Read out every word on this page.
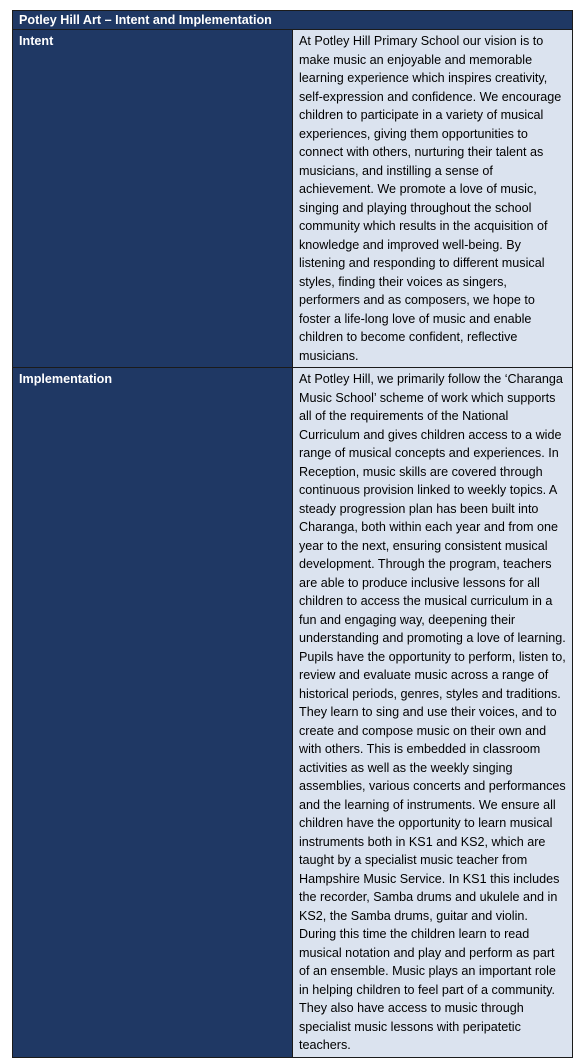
Potley Hill Art – Intent and Implementation	
Intent	At Potley Hill Primary School our vision is to make music an enjoyable and memorable learning experience which inspires creativity, self-expression and confidence. We encourage children to participate in a variety of musical experiences, giving them opportunities to connect with others, nurturing their talent as musicians, and instilling a sense of achievement. We promote a love of music, singing and playing throughout the school community which results in the acquisition of knowledge and improved well-being. By listening and responding to different musical styles, finding their voices as singers, performers and as composers, we hope to foster a life-long love of music and enable children to become confident, reflective musicians.
Implementation	At Potley Hill, we primarily follow the ‘Charanga Music School’ scheme of work which supports all of the requirements of the National Curriculum and gives children access to a wide range of musical concepts and experiences. In Reception, music skills are covered through continuous provision linked to weekly topics. A steady progression plan has been built into Charanga, both within each year and from one year to the next, ensuring consistent musical development. Through the program, teachers are able to produce inclusive lessons for all children to access the musical curriculum in a fun and engaging way, deepening their understanding and promoting a love of learning. Pupils have the opportunity to perform, listen to, review and evaluate music across a range of historical periods, genres, styles and traditions. They learn to sing and use their voices, and to create and compose music on their own and with others. This is embedded in classroom activities as well as the weekly singing assemblies, various concerts and performances and the learning of instruments. We ensure all children have the opportunity to learn musical instruments both in KS1 and KS2, which are taught by a specialist music teacher from Hampshire Music Service. In KS1 this includes the recorder, Samba drums and ukulele and in KS2, the Samba drums, guitar and violin. During this time the children learn to read musical notation and play and perform as part of an ensemble. Music plays an important role in helping children to feel part of a community. They also have access to music through specialist music lessons with peripatetic teachers.
